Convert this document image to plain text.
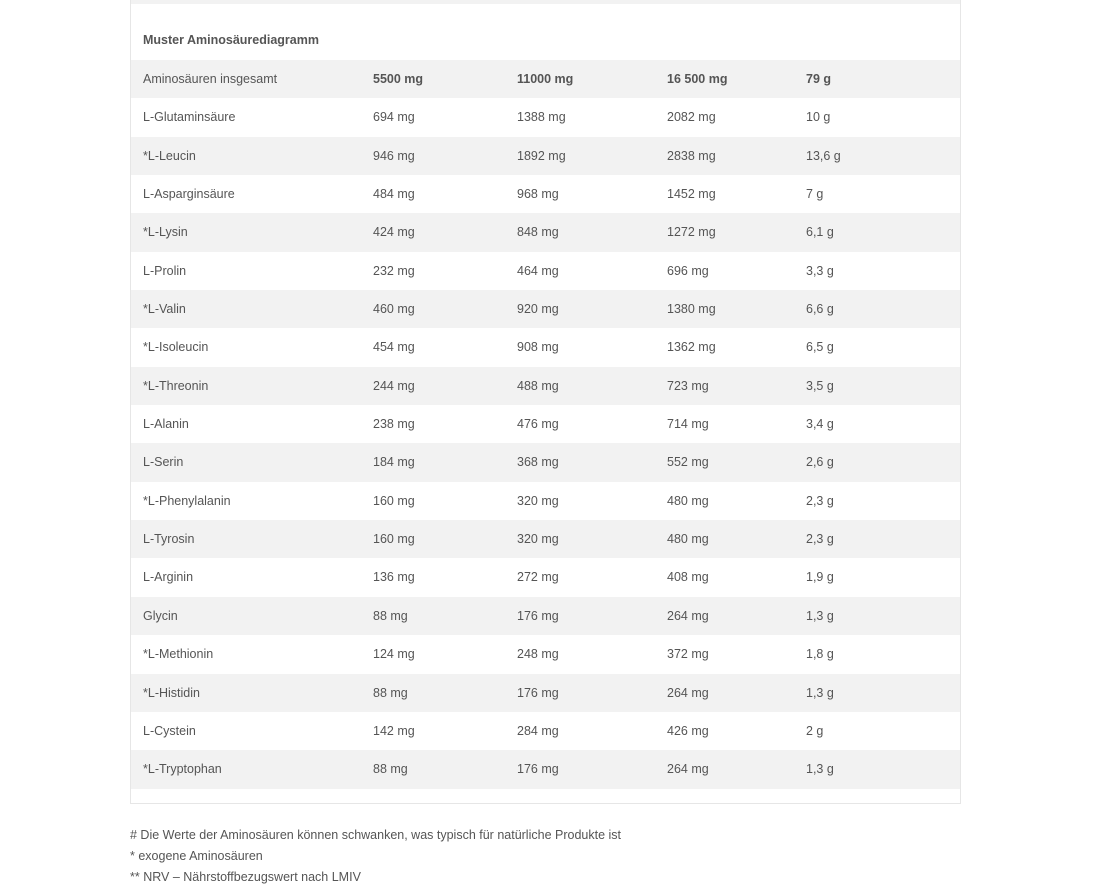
Muster Aminosäurediagramm
Aminosäuren insgesamt	5500 mg	11000 mg	16 500 mg	79 g
L-Glutaminsäure	694 mg	1388 mg	2082 mg	10 g
*L-Leucin	946 mg	1892 mg	2838 mg	13,6 g
L-Asparginsäure	484 mg	968 mg	1452 mg	7 g
*L-Lysin	424 mg	848 mg	1272 mg	6,1 g
L-Prolin	232 mg	464 mg	696 mg	3,3 g
*L-Valin	460 mg	920 mg	1380 mg	6,6 g
*L-Isoleucin	454 mg	908 mg	1362 mg	6,5 g
*L-Threonin	244 mg	488 mg	723 mg	3,5 g
L-Alanin	238 mg	476 mg	714 mg	3,4 g
L-Serin	184 mg	368 mg	552 mg	2,6 g
*L-Phenylalanin	160 mg	320 mg	480 mg	2,3 g
L-Tyrosin	160 mg	320 mg	480 mg	2,3 g
L-Arginin	136 mg	272 mg	408 mg	1,9 g
Glycin	88 mg	176 mg	264 mg	1,3 g
*L-Methionin	124 mg	248 mg	372 mg	1,8 g
*L-Histidin	88 mg	176 mg	264 mg	1,3 g
L-Cystein	142 mg	284 mg	426 mg	2 g
*L-Tryptophan	88 mg	176 mg	264 mg	1,3 g
# Die Werte der Aminosäuren können schwanken, was typisch für natürliche Produkte ist
* exogene Aminosäuren
** NRV – Nährstoffbezugswert nach LMIV
